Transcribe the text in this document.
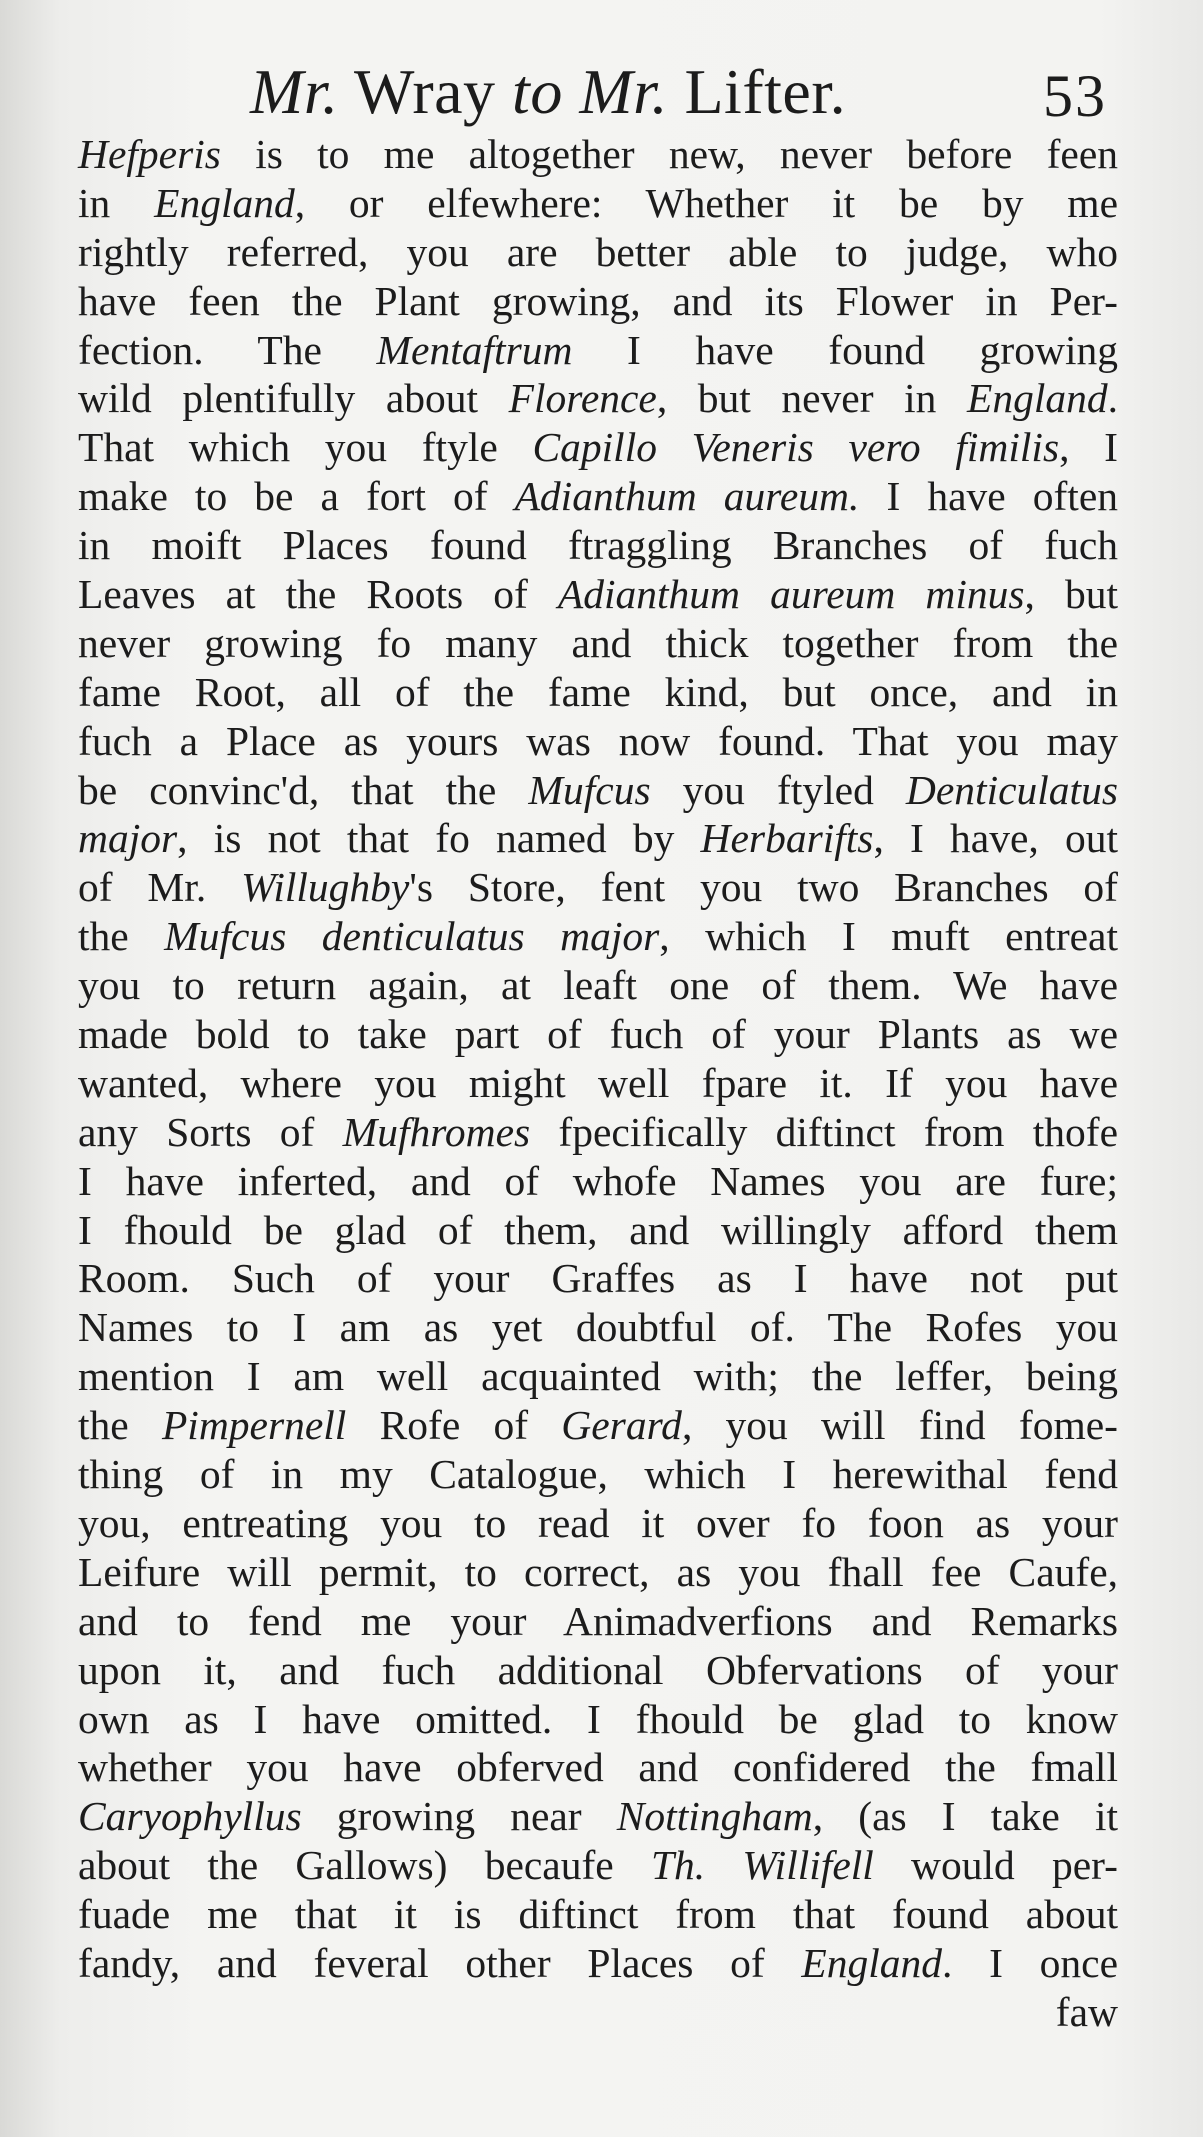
Mr. Wray to Mr. Lifter.	53
Hefperis is to me altogether new, never before feen
in England, or elfewhere: Whether it be by me
rightly referred, you are better able to judge, who
have feen the Plant growing, and its Flower in Per-
fection. The Mentaftrum I have found growing
wild plentifully about Florence, but never in England.
That which you ftyle Capillo Veneris vero fimilis, I
make to be a fort of Adianthum aureum. I have often
in moift Places found ftraggling Branches of fuch
Leaves at the Roots of Adianthum aureum minus, but
never growing fo many and thick together from the
fame Root, all of the fame kind, but once, and in
fuch a Place as yours was now found. That you may
be convinc'd, that the Mufcus you ftyled Denticulatus
major, is not that fo named by Herbarifts, I have, out
of Mr. Willughby's Store, fent you two Branches of
the Mufcus denticulatus major, which I muft entreat
you to return again, at leaft one of them. We have
made bold to take part of fuch of your Plants as we
wanted, where you might well fpare it. If you have
any Sorts of Mufhromes fpecifically diftinct from thofe
I have inferted, and of whofe Names you are fure;
I fhould be glad of them, and willingly afford them
Room. Such of your Graffes as I have not put
Names to I am as yet doubtful of. The Rofes you
mention I am well acquainted with; the leffer, being
the Pimpernell Rofe of Gerard, you will find fome-
thing of in my Catalogue, which I herewithal fend
you, entreating you to read it over fo foon as your
Leifure will permit, to correct, as you fhall fee Caufe,
and to fend me your Animadverfions and Remarks
upon it, and fuch additional Obfervations of your
own as I have omitted. I fhould be glad to know
whether you have obferved and confidered the fmall
Caryophyllus growing near Nottingham, (as I take it
about the Gallows) becaufe Th. Willifell would per-
fuade me that it is diftinct from that found about
fandy, and feveral other Places of England. I once
faw
